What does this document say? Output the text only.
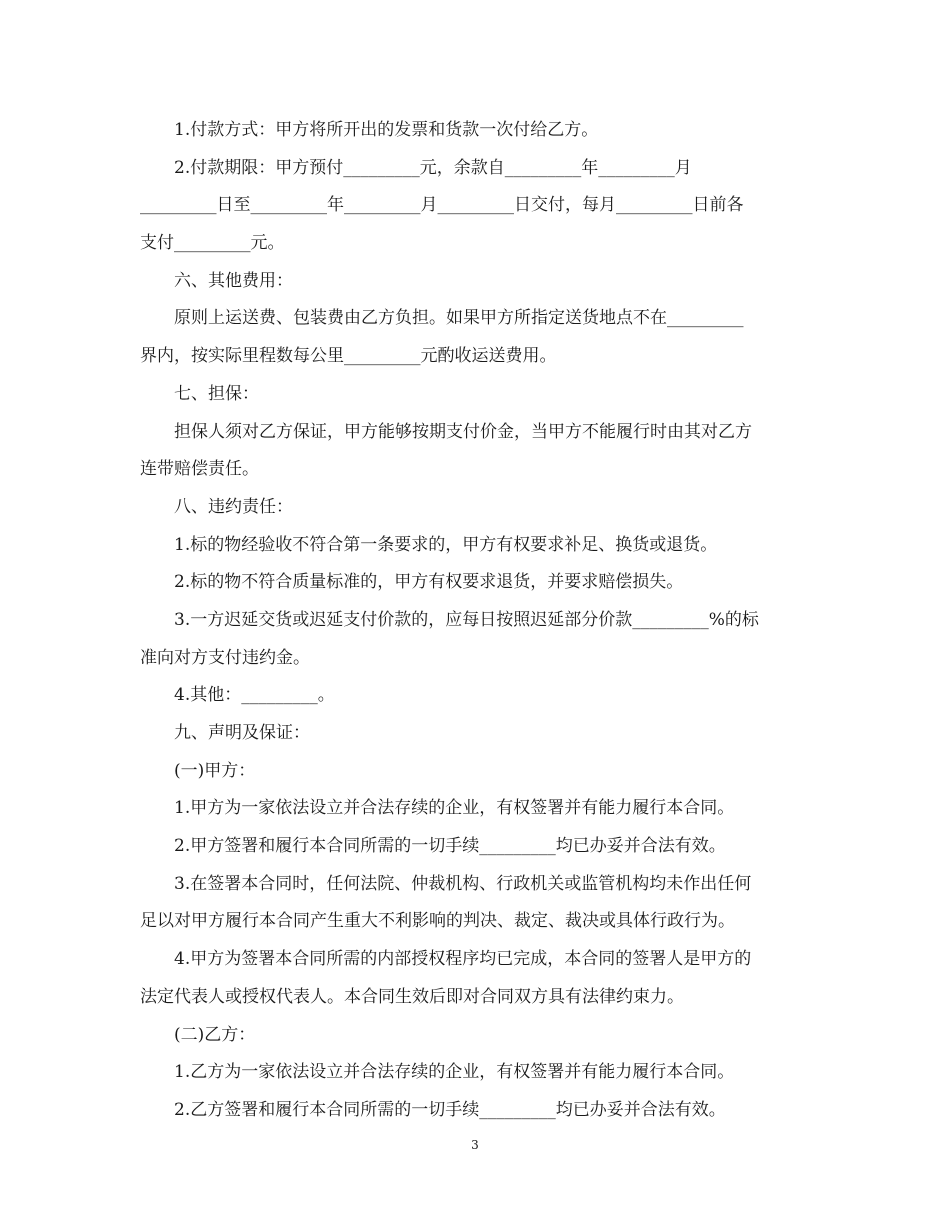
1.付款方式：甲方将所开出的发票和货款一次付给乙方。
2.付款期限：甲方预付_________元，余款自_________年_________月
_________日至_________年_________月_________日交付，每月_________日前各
支付_________元。
六、其他费用：
原则上运送费、包装费由乙方负担。如果甲方所指定送货地点不在_________
界内，按实际里程数每公里_________元酌收运送费用。
七、担保：
担保人须对乙方保证，甲方能够按期支付价金，当甲方不能履行时由其对乙方
连带赔偿责任。
八、违约责任：
1.标的物经验收不符合第一条要求的，甲方有权要求补足、换货或退货。
2.标的物不符合质量标准的，甲方有权要求退货，并要求赔偿损失。
3.一方迟延交货或迟延支付价款的，应每日按照迟延部分价款_________%的标
准向对方支付违约金。
4.其他：_________。
九、声明及保证：
(一)甲方：
1.甲方为一家依法设立并合法存续的企业，有权签署并有能力履行本合同。
2.甲方签署和履行本合同所需的一切手续_________均已办妥并合法有效。
3.在签署本合同时，任何法院、仲裁机构、行政机关或监管机构均未作出任何
足以对甲方履行本合同产生重大不利影响的判决、裁定、裁决或具体行政行为。
4.甲方为签署本合同所需的内部授权程序均已完成，本合同的签署人是甲方的
法定代表人或授权代表人。本合同生效后即对合同双方具有法律约束力。
(二)乙方：
1.乙方为一家依法设立并合法存续的企业，有权签署并有能力履行本合同。
2.乙方签署和履行本合同所需的一切手续_________均已办妥并合法有效。
3
